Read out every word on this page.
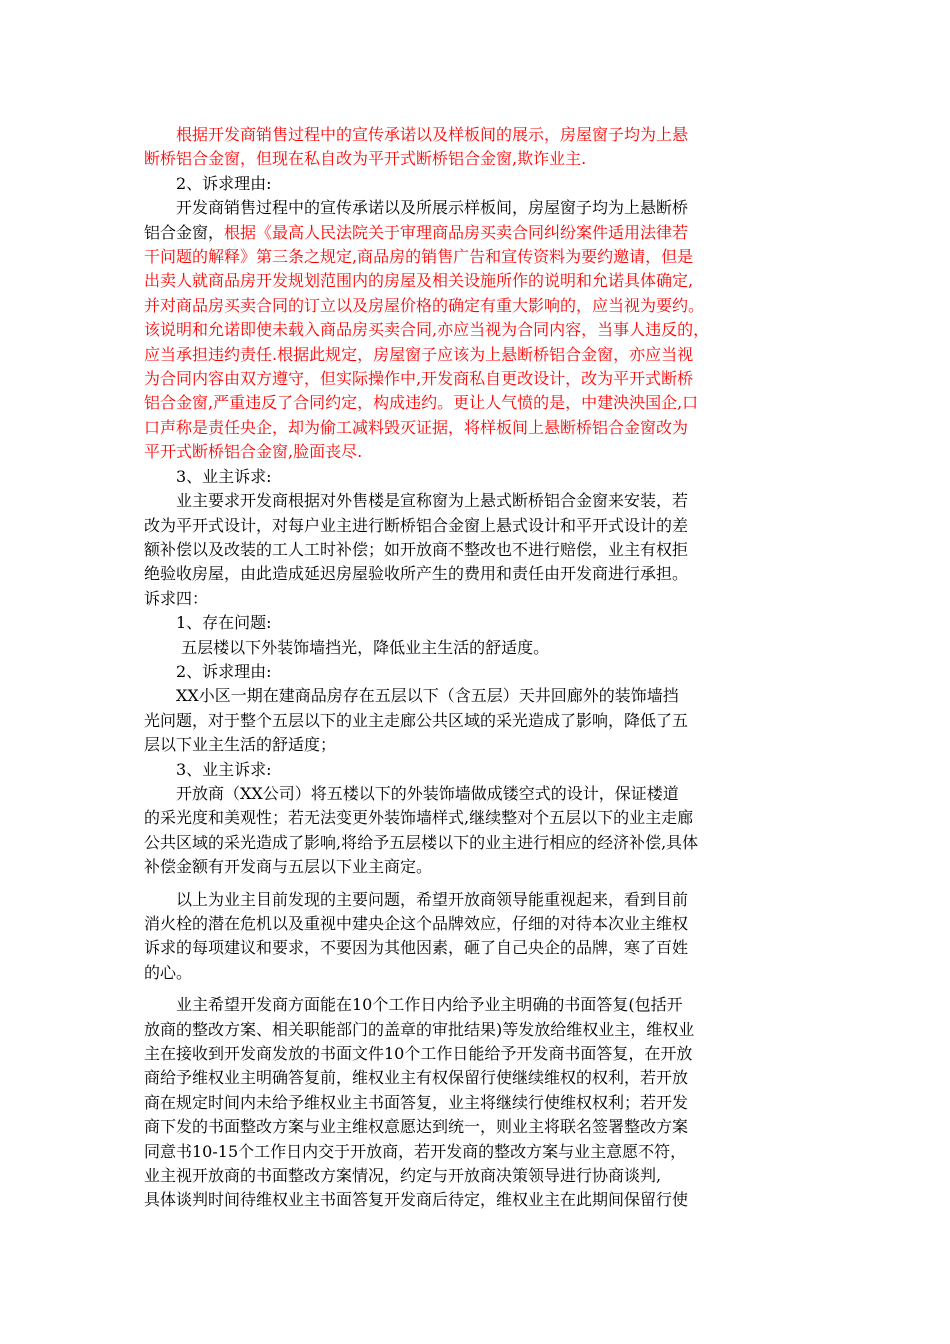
　　根据开发商销售过程中的宣传承诺以及样板间的展示，房屋窗子均为上悬
断桥铝合金窗，但现在私自改为平开式断桥铝合金窗,欺诈业主.
　　2、诉求理由:
　　开发商销售过程中的宣传承诺以及所展示样板间，房屋窗子均为上悬断桥
铝合金窗，根据《最高人民法院关于审理商品房买卖合同纠纷案件适用法律若
干问题的解释》第三条之规定,商品房的销售广告和宣传资料为要约邀请，但是
出卖人就商品房开发规划范围内的房屋及相关设施所作的说明和允诺具体确定,
并对商品房买卖合同的订立以及房屋价格的确定有重大影响的，应当视为要约。
该说明和允诺即使未载入商品房买卖合同,亦应当视为合同内容，当事人违反的，
应当承担违约责任.根据此规定，房屋窗子应该为上悬断桥铝合金窗，亦应当视
为合同内容由双方遵守，但实际操作中,开发商私自更改设计，改为平开式断桥
铝合金窗,严重违反了合同约定，构成违约。更让人气愤的是，中建泱泱国企,口
口声称是责任央企，却为偷工减料毁灭证据，将样板间上悬断桥铝合金窗改为
平开式断桥铝合金窗,脸面丧尽.
　　3、业主诉求:
　　业主要求开发商根据对外售楼是宣称窗为上悬式断桥铝合金窗来安装，若
改为平开式设计，对每户业主进行断桥铝合金窗上悬式设计和平开式设计的差
额补偿以及改装的工人工时补偿；如开放商不整改也不进行赔偿，业主有权拒
绝验收房屋，由此造成延迟房屋验收所产生的费用和责任由开发商进行承担。
诉求四：
　　1、存在问题:
　　 五层楼以下外装饰墙挡光，降低业主生活的舒适度。
　　2、诉求理由:
　　XX小区一期在建商品房存在五层以下（含五层）天井回廊外的装饰墙挡
光问题，对于整个五层以下的业主走廊公共区域的采光造成了影响，降低了五
层以下业主生活的舒适度；
　　3、业主诉求:
　　开放商（XX公司）将五楼以下的外装饰墙做成镂空式的设计，保证楼道
的采光度和美观性；若无法变更外装饰墙样式,继续整对个五层以下的业主走廊
公共区域的采光造成了影响,将给予五层楼以下的业主进行相应的经济补偿,具体
补偿金额有开发商与五层以下业主商定。
　　以上为业主目前发现的主要问题，希望开放商领导能重视起来，看到目前
消火栓的潜在危机以及重视中建央企这个品牌效应，仔细的对待本次业主维权
诉求的每项建议和要求，不要因为其他因素，砸了自己央企的品牌，寒了百姓
的心。
　　业主希望开发商方面能在10个工作日内给予业主明确的书面答复(包括开
放商的整改方案、相关职能部门的盖章的审批结果)等发放给维权业主，维权业
主在接收到开发商发放的书面文件10个工作日能给予开发商书面答复，在开放
商给予维权业主明确答复前，维权业主有权保留行使继续维权的权利，若开放
商在规定时间内未给予维权业主书面答复，业主将继续行使维权权利；若开发
商下发的书面整改方案与业主维权意愿达到统一，则业主将联名签署整改方案
同意书10-15个工作日内交于开放商，若开发商的整改方案与业主意愿不符，
业主视开放商的书面整改方案情况，约定与开放商决策领导进行协商谈判,
具体谈判时间待维权业主书面答复开发商后待定，维权业主在此期间保留行使
